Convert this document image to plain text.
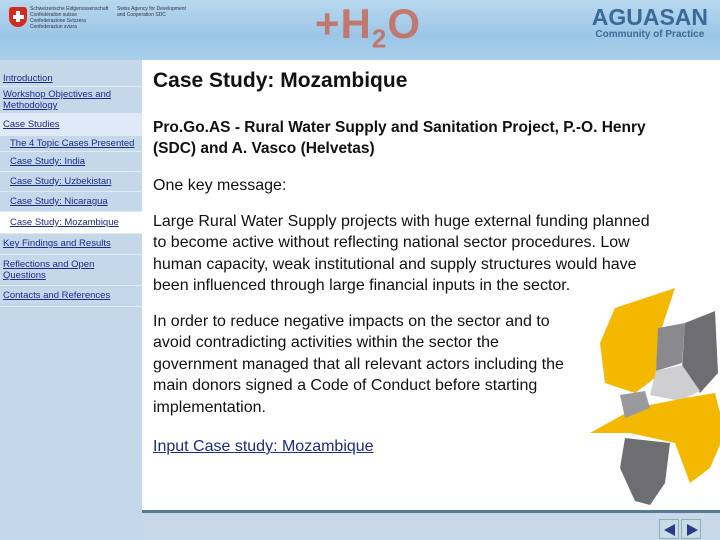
Schweizerische Eidgenossenschaft
Confédération suisse
Confederazione Svizzera
Confederaziun svizra
Swiss Agency for Development
and Cooperation SDC	$+H_2O$	AGUASAN
Community of Practice
Introduction
Workshop Objectives and Methodology
Case Studies
The 4 Topic Cases Presented
Case Study: India
Case Study: Uzbekistan
Case Study: Nicaragua
Case Study: Mozambique
Key Findings and Results
Reflections and Open Questions
Contacts and References
Case Study: Mozambique
Pro.Go.AS - Rural Water Supply and Sanitation Project, P.-O. Henry (SDC) and A. Vasco (Helvetas)

One key message:

Large Rural Water Supply projects with huge external funding planned to become active without reflecting national sector procedures. Low human capacity, weak institutional and supply structures would have been influenced through large financial inputs in the sector.

In order to reduce negative impacts on the sector and to avoid contradicting activities within the sector the government managed that all relevant actors including the main donors signed a Code of Conduct before starting implementation.

Input Case study: Mozambique
